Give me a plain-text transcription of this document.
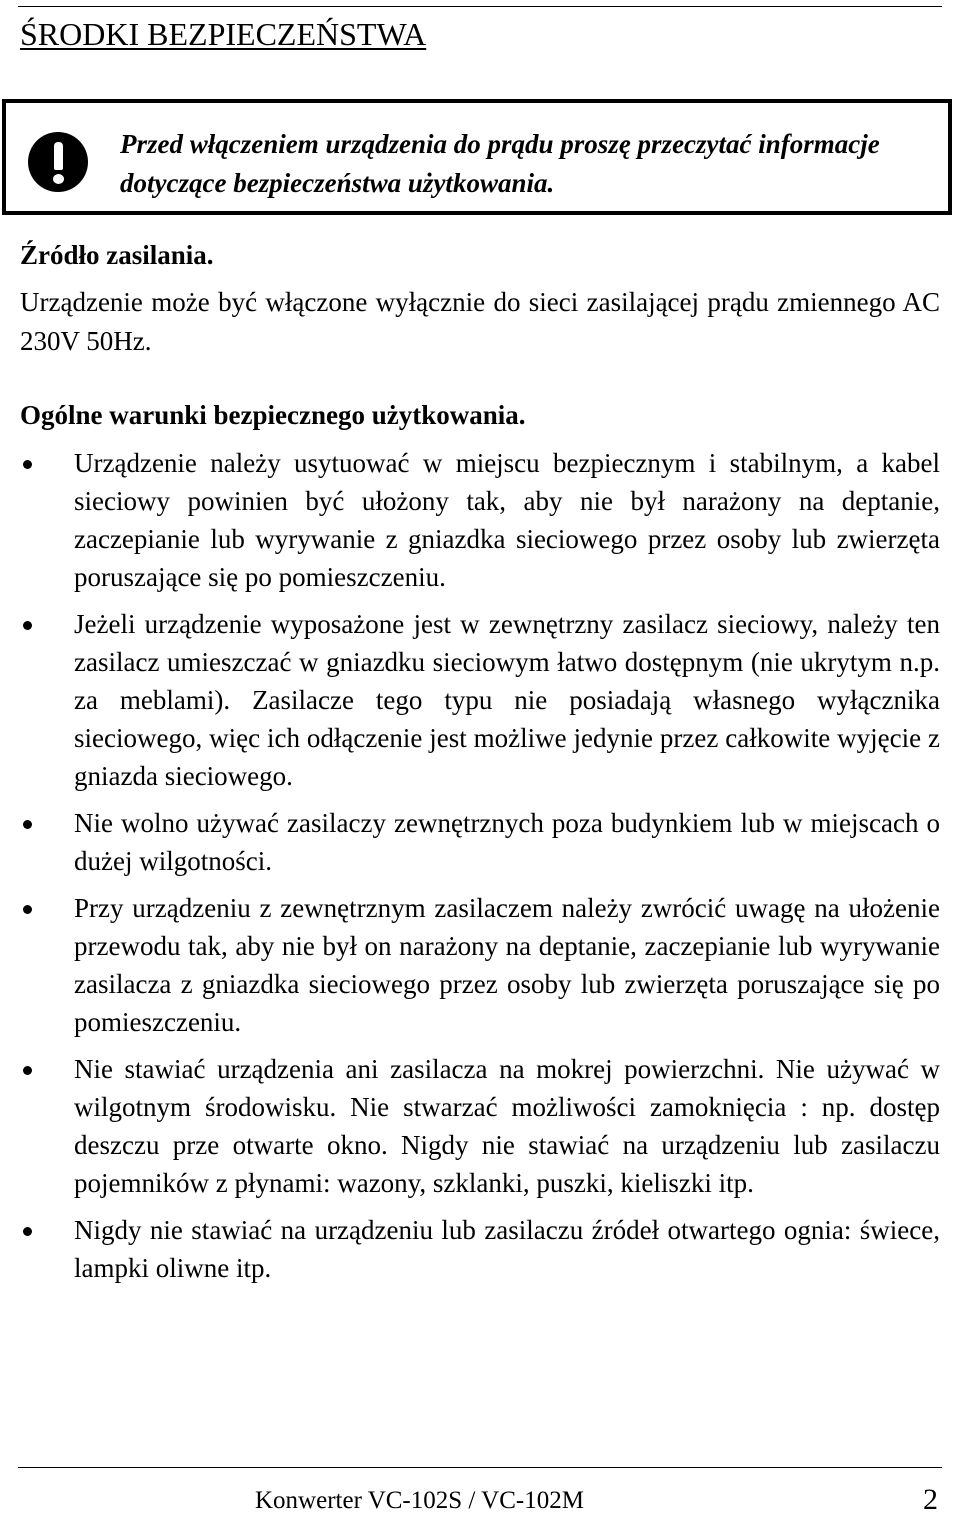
ŚRODKI BEZPIECZEŃSTWA

Przed włączeniem urządzenia do prądu proszę przeczytać informacje dotyczące bezpieczeństwa użytkowania.

Źródło zasilania.

Urządzenie może być włączone wyłącznie do sieci zasilającej prądu zmiennego AC 230V 50Hz.

Ogólne warunki bezpiecznego użytkowania.
Urządzenie należy usytuować w miejscu bezpiecznym i stabilnym, a kabel sieciowy powinien być ułożony tak, aby nie był narażony na deptanie, zaczepianie lub wyrywanie z gniazdka sieciowego przez osoby lub zwierzęta poruszające się po pomieszczeniu.
Jeżeli urządzenie wyposażone jest w zewnętrzny zasilacz sieciowy, należy ten zasilacz umieszczać w gniazdku sieciowym łatwo dostępnym (nie ukrytym n.p. za meblami). Zasilacze tego typu nie posiadają własnego wyłącznika sieciowego, więc ich odłączenie jest możliwe jedynie przez całkowite wyjęcie z gniazda sieciowego.
Nie wolno używać zasilaczy zewnętrznych poza budynkiem lub w miejscach o dużej wilgotności.
Przy urządzeniu z zewnętrznym zasilaczem należy zwrócić uwagę na ułożenie przewodu tak, aby nie był on narażony na deptanie, zaczepianie lub wyrywanie zasilacza z gniazdka sieciowego przez osoby lub zwierzęta poruszające się po pomieszczeniu.
Nie stawiać urządzenia ani zasilacza na mokrej powierzchni. Nie używać w wilgotnym środowisku. Nie stwarzać możliwości zamoknięcia : np. dostęp deszczu prze otwarte okno. Nigdy nie stawiać na urządzeniu lub zasilaczu pojemników z płynami: wazony, szklanki, puszki, kieliszki itp.
Nigdy nie stawiać na urządzeniu lub zasilaczu źródeł otwartego ognia: świece, lampki oliwne itp.

Konwerter VC-102S / VC-102M	2
